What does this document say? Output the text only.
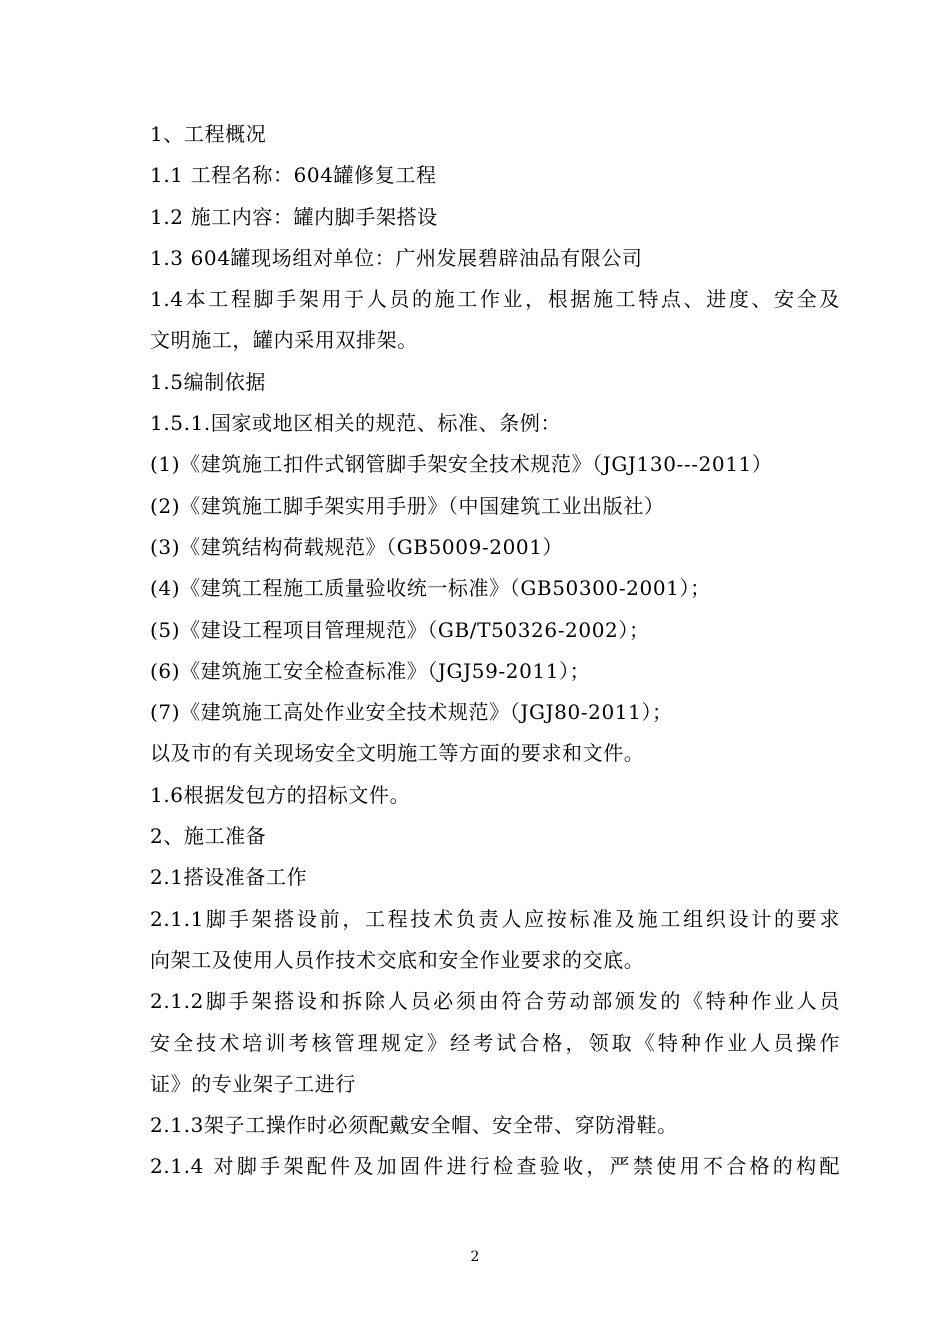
1、工程概况
1.1 工程名称：604罐修复工程
1.2 施工内容：罐内脚手架搭设
1.3 604罐现场组对单位：广州发展碧辟油品有限公司
1.4本工程脚手架用于人员的施工作业，根据施工特点、进度、安全及
文明施工，罐内采用双排架。
1.5编制依据
1.5.1.国家或地区相关的规范、标准、条例：
(1)《建筑施工扣件式钢管脚手架安全技术规范》（JGJ130---2011）
(2)《建筑施工脚手架实用手册》（中国建筑工业出版社）
(3)《建筑结构荷载规范》（GB5009-2001）
(4)《建筑工程施工质量验收统一标准》（GB50300-2001）；
(5)《建设工程项目管理规范》（GB/T50326-2002）；
(6)《建筑施工安全检查标准》（JGJ59-2011）；
(7)《建筑施工高处作业安全技术规范》（JGJ80-2011）；
以及市的有关现场安全文明施工等方面的要求和文件。
1.6根据发包方的招标文件。
2、施工准备
2.1搭设准备工作
2.1.1脚手架搭设前，工程技术负责人应按标准及施工组织设计的要求
向架工及使用人员作技术交底和安全作业要求的交底。
2.1.2脚手架搭设和拆除人员必须由符合劳动部颁发的《特种作业人员
安全技术培训考核管理规定》经考试合格，领取《特种作业人员操作
证》的专业架子工进行
2.1.3架子工操作时必须配戴安全帽、安全带、穿防滑鞋。
2.1.4 对脚手架配件及加固件进行检查验收，严禁使用不合格的构配
2
